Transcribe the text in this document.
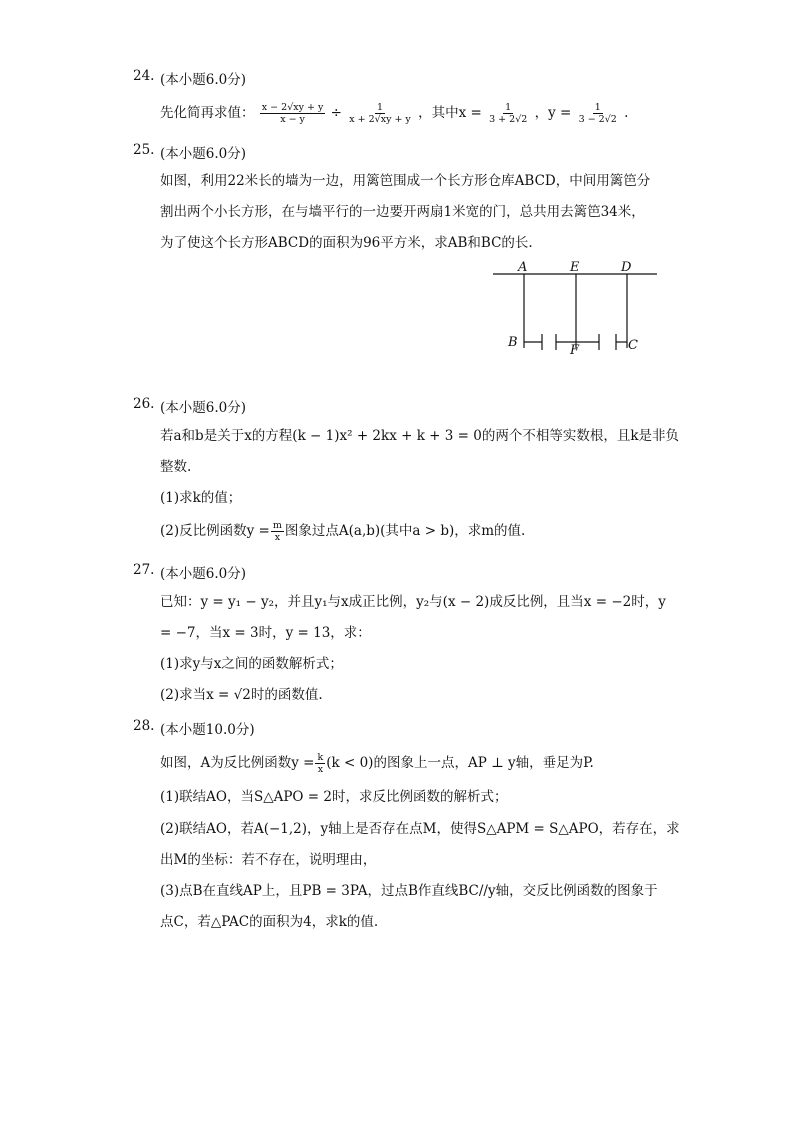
24. (本小题6.0分)
先化简再求值： $\frac{x - 2√xy + y}{x - y} \div \frac{1}{x + 2√xy + y}$ ，其中$x = \frac{1}{3 + 2√2}$ ，$y = \frac{1}{3 - 2√2}$ .
25. (本小题6.0分)
如图，利用22米长的墙为一边，用篱笆围成一个长方形仓库ABCD，中间用篱笆分
割出两个小长方形，在与墙平行的一边要开两扇1米宽的门，总共用去篱笆34米，
为了使这个长方形ABCD的面积为96平方米，求AB和BC的长.
A	E	D
B
F	C
26. (本小题6.0分)
若a和b是关于x的方程(k − 1)x² + 2kx + k + 3 = 0的两个不相等实数根，且k是非负
整数.
(1)求k的值；
(2)反比例函数$y = \frac{m}{x}$ 图象过点A(a,b)(其中a > b)，求m的值.
27. (本小题6.0分)
已知：y = y₁ − y₂，并且y₁与x成正比例，y₂与(x − 2)成反比例，且当x = −2时，y
= −7，当x = 3时，y = 13，求：
(1)求y与x之间的函数解析式；
(2)求当x = √2时的函数值.
28. (本小题10.0分)
如图，A为反比例函数$y = \frac{k}{x} (k < 0)$的图象上一点，AP ⊥ y轴，垂足为P.
(1)联结AO，当S△APO = 2时，求反比例函数的解析式；
(2)联结AO，若A(−1,2)，y轴上是否存在点M，使得S△APM = S△APO，若存在，求
出M的坐标：若不存在，说明理由，
(3)点B在直线AP上，且PB = 3PA，过点B作直线BC//y轴，交反比例函数的图象于
点C，若△PAC的面积为4，求k的值.
